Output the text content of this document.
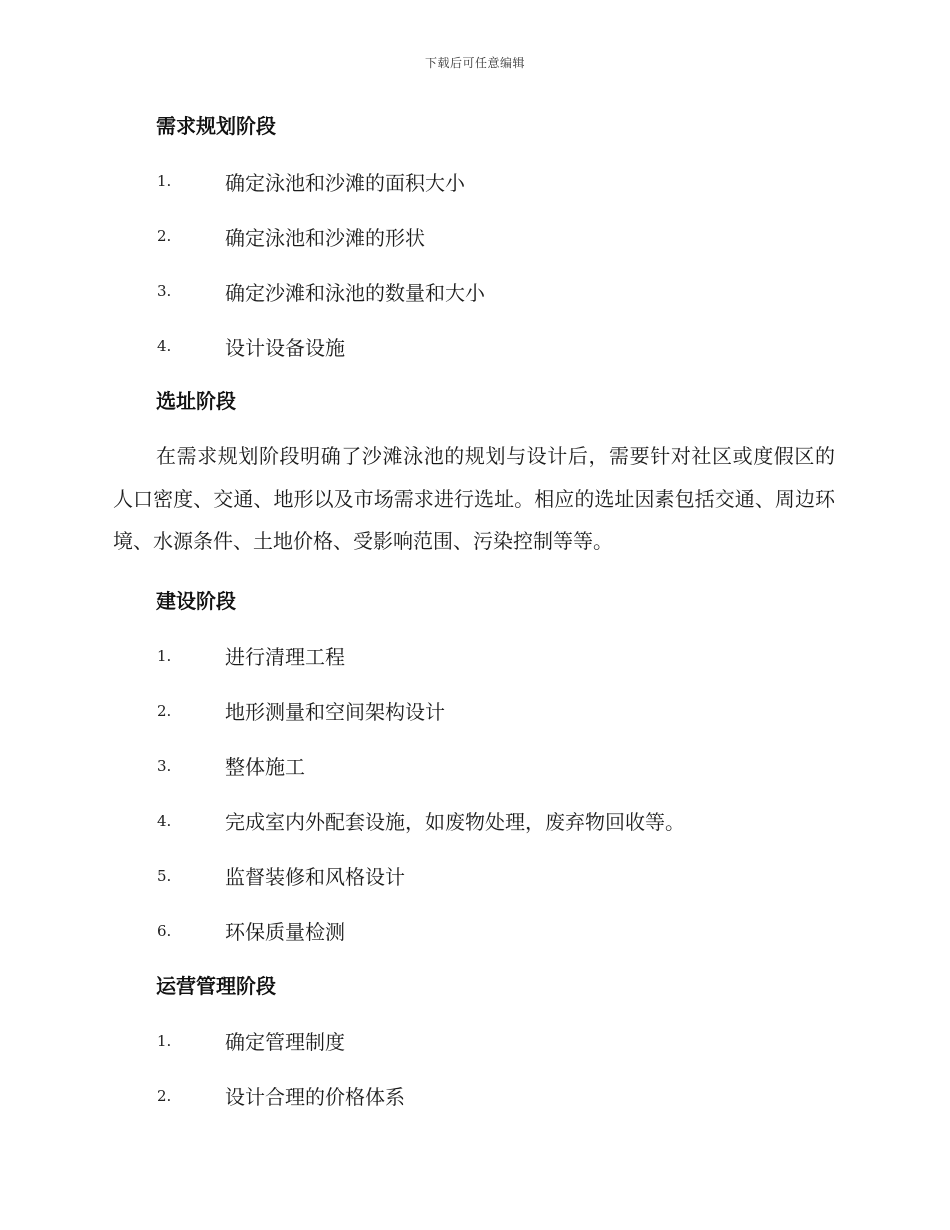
下载后可任意编辑
需求规划阶段
1.	确定泳池和沙滩的面积大小
2.	确定泳池和沙滩的形状
3.	确定沙滩和泳池的数量和大小
4.	设计设备设施
选址阶段

在需求规划阶段明确了沙滩泳池的规划与设计后，需要针对社区或度假区的人口密度、交通、地形以及市场需求进行选址。相应的选址因素包括交通、周边环境、水源条件、土地价格、受影响范围、污染控制等等。

建设阶段
1.	进行清理工程
2.	地形测量和空间架构设计
3.	整体施工
4.	完成室内外配套设施，如废物处理，废弃物回收等。
5.	监督装修和风格设计
6.	环保质量检测
运营管理阶段
1.	确定管理制度
2.	设计合理的价格体系
